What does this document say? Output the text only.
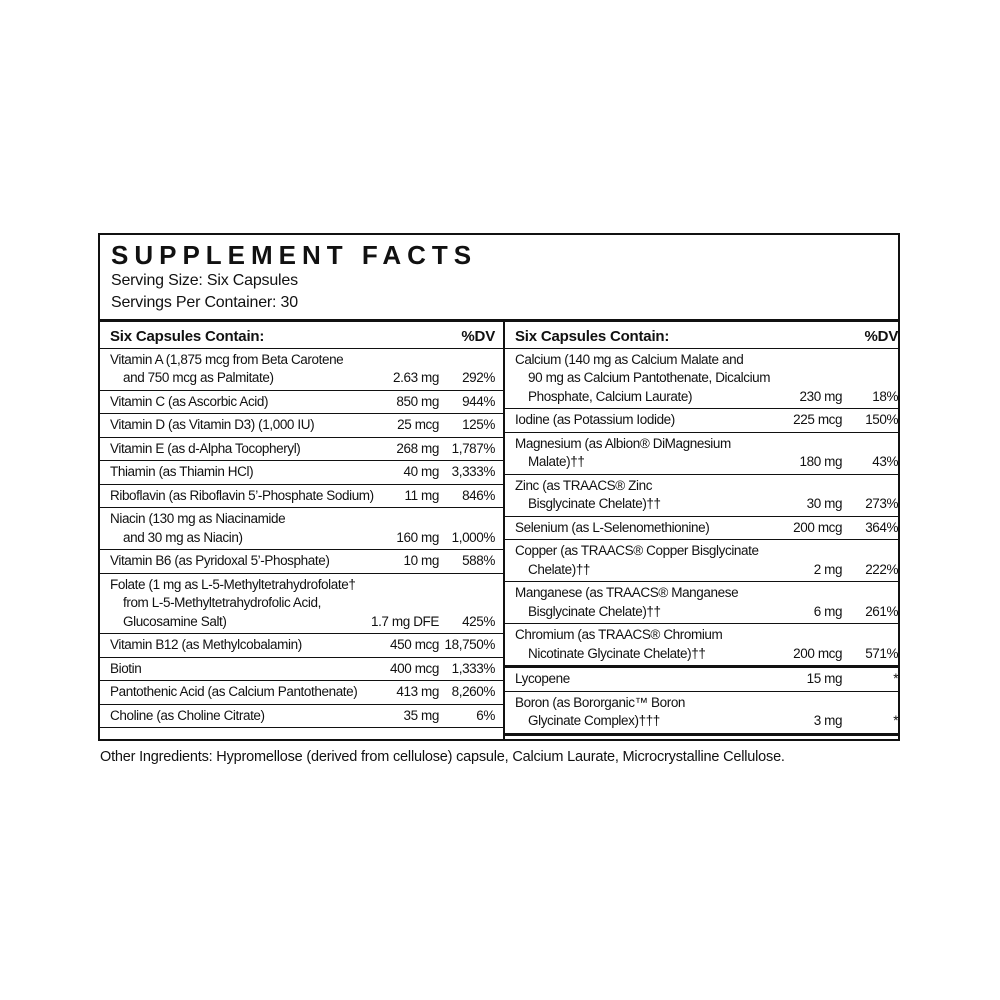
SUPPLEMENT FACTS
Serving Size: Six Capsules
Servings Per Container: 30
Six Capsules Contain:	%DV
Vitamin A (1,875 mcg from Beta Carotene
and 750 mcg as Palmitate)	2.63 mg	292%
Vitamin C (as Ascorbic Acid)	850 mg	944%
Vitamin D (as Vitamin D3) (1,000 IU)	25 mcg	125%
Vitamin E (as d-Alpha Tocopheryl)	268 mg 1,787%
Thiamin (as Thiamin HCl)	40 mg 3,333%
Riboflavin (as Riboflavin 5’-Phosphate Sodium)	11 mg	846%
Niacin (130 mg as Niacinamide
and 30 mg as Niacin)	160 mg 1,000%
Vitamin B6 (as Pyridoxal 5’-Phosphate)	10 mg	588%
Folate (1 mg as L-5-Methyltetrahydrofolate†
from L-5-Methyltetrahydrofolic Acid,
Glucosamine Salt)	1.7 mg DFE	425%
Vitamin B12 (as Methylcobalamin)	450 mcg 18,750%
Biotin	400 mcg 1,333%
Pantothenic Acid (as Calcium Pantothenate)	413 mg 8,260%
Choline (as Choline Citrate)	35 mg	6%
Six Capsules Contain:	%DV
Calcium (140 mg as Calcium Malate and
90 mg as Calcium Pantothenate, Dicalcium
Phosphate, Calcium Laurate)	230 mg	18%
Iodine (as Potassium Iodide)	225 mcg	150%
Magnesium (as Albion® DiMagnesium
Malate)††	180 mg	43%
Zinc (as TRAACS® Zinc
Bisglycinate Chelate)††	30 mg	273%
Selenium (as L-Selenomethionine)	200 mcg	364%
Copper (as TRAACS® Copper Bisglycinate
Chelate)††	2 mg	222%
Manganese (as TRAACS® Manganese
Bisglycinate Chelate)††	6 mg	261%
Chromium (as TRAACS® Chromium
Nicotinate Glycinate Chelate)††	200 mcg	571%
Lycopene	15 mg	*
Boron (as Bororganic™ Boron
Glycinate Complex)†††	3 mg	*
Other Ingredients: Hypromellose (derived from cellulose) capsule, Calcium Laurate, Microcrystalline Cellulose.
